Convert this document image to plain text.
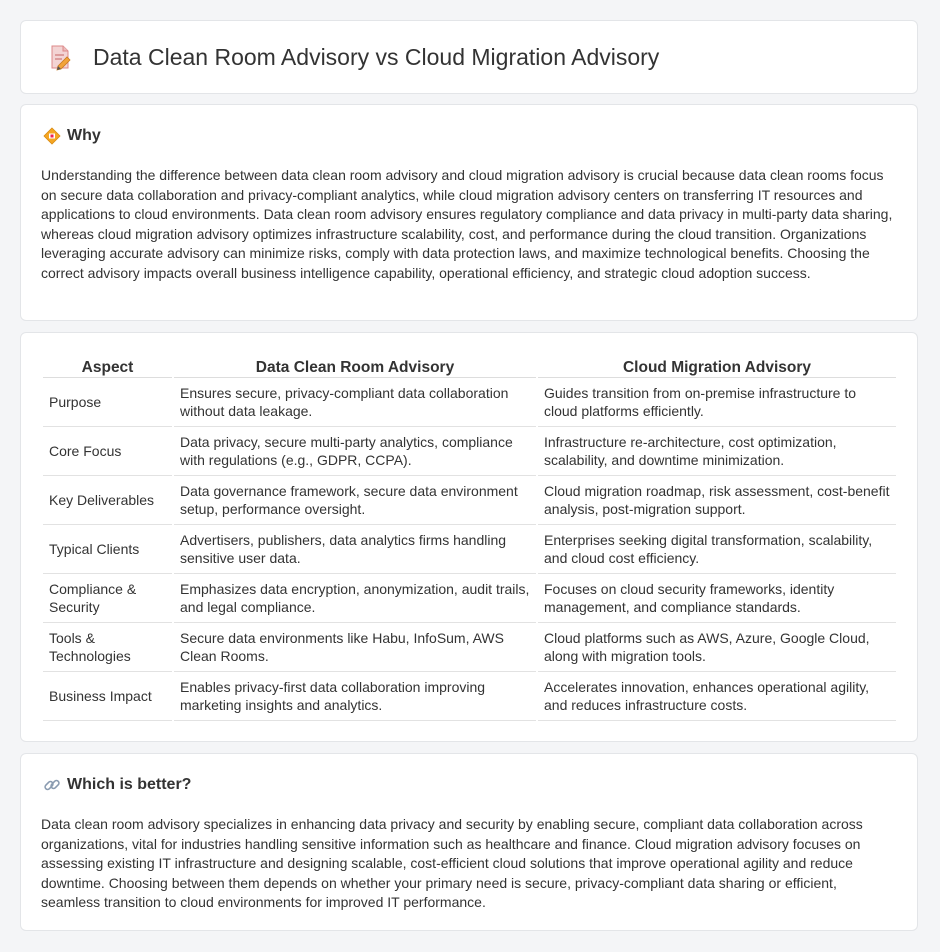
Data Clean Room Advisory vs Cloud Migration Advisory
Why

Understanding the difference between data clean room advisory and cloud migration advisory is crucial because data clean rooms focus on secure data collaboration and privacy-compliant analytics, while cloud migration advisory centers on transferring IT resources and applications to cloud environments. Data clean room advisory ensures regulatory compliance and data privacy in multi-party data sharing, whereas cloud migration advisory optimizes infrastructure scalability, cost, and performance during the cloud transition. Organizations leveraging accurate advisory can minimize risks, comply with data protection laws, and maximize technological benefits. Choosing the correct advisory impacts overall business intelligence capability, operational efficiency, and strategic cloud adoption success.

Aspect	Data Clean Room Advisory	Cloud Migration Advisory
Purpose	Ensures secure, privacy-compliant data collaboration without data leakage.	Guides transition from on-premise infrastructure to cloud platforms efficiently.
Core Focus	Data privacy, secure multi-party analytics, compliance with regulations (e.g., GDPR, CCPA).	Infrastructure re-architecture, cost optimization, scalability, and downtime minimization.
Key Deliverables	Data governance framework, secure data environment setup, performance oversight.	Cloud migration roadmap, risk assessment, cost-benefit analysis, post-migration support.
Typical Clients	Advertisers, publishers, data analytics firms handling sensitive user data.	Enterprises seeking digital transformation, scalability, and cloud cost efficiency.
Compliance & Security	Emphasizes data encryption, anonymization, audit trails, and legal compliance.	Focuses on cloud security frameworks, identity management, and compliance standards.
Tools & Technologies	Secure data environments like Habu, InfoSum, AWS Clean Rooms.	Cloud platforms such as AWS, Azure, Google Cloud, along with migration tools.
Business Impact	Enables privacy-first data collaboration improving marketing insights and analytics.	Accelerates innovation, enhances operational agility, and reduces infrastructure costs.
Which is better?

Data clean room advisory specializes in enhancing data privacy and security by enabling secure, compliant data collaboration across organizations, vital for industries handling sensitive information such as healthcare and finance. Cloud migration advisory focuses on assessing existing IT infrastructure and designing scalable, cost-efficient cloud solutions that improve operational agility and reduce downtime. Choosing between them depends on whether your primary need is secure, privacy-compliant data sharing or efficient, seamless transition to cloud environments for improved IT performance.
